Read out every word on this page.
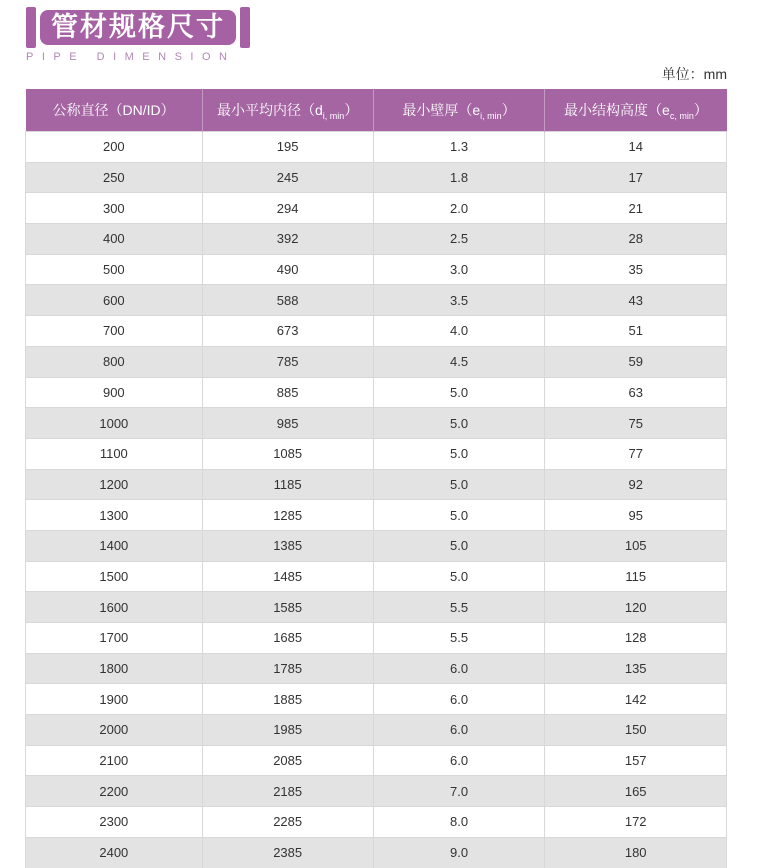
管材规格尺寸
PIPE DIMENSION
单位：mm
公称直径（DN/ID）	最小平均内径$(d_{i, min})$	最小壁厚$(e_{i, min})$	最小结构高度$(e_{c, min})$
200	195	1.3	14
250	245	1.8	17
300	294	2.0	21
400	392	2.5	28
500	490	3.0	35
600	588	3.5	43
700	673	4.0	51
800	785	4.5	59
900	885	5.0	63
1000	985	5.0	75
1100	1085	5.0	77
1200	1185	5.0	92
1300	1285	5.0	95
1400	1385	5.0	105
1500	1485	5.0	115
1600	1585	5.5	120
1700	1685	5.5	128
1800	1785	6.0	135
1900	1885	6.0	142
2000	1985	6.0	150
2100	2085	6.0	157
2200	2185	7.0	165
2300	2285	8.0	172
2400	2385	9.0	180
